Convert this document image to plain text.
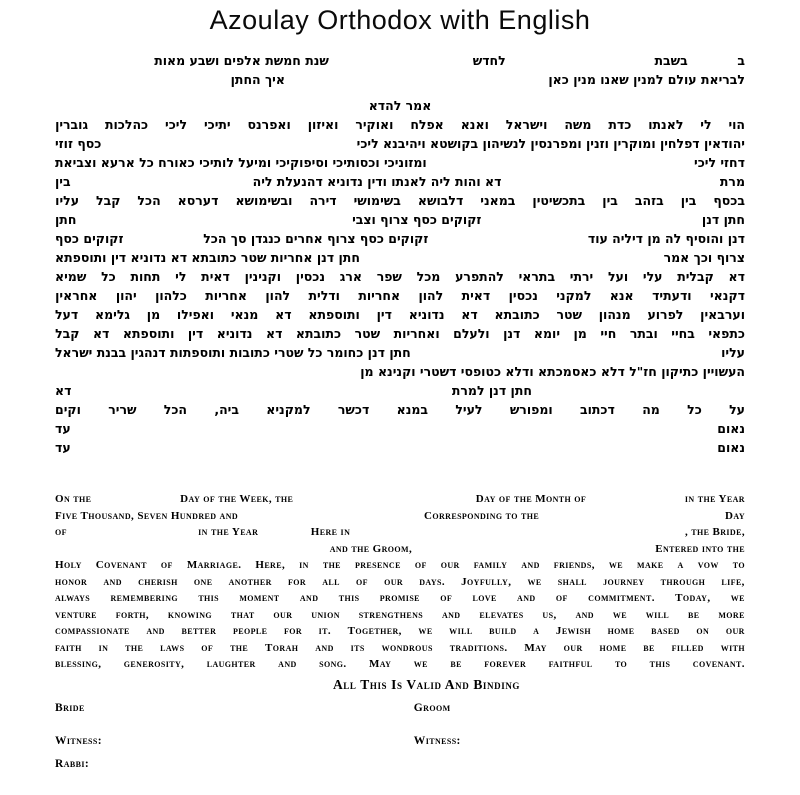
Azoulay Orthodox with English
ב
בשבת
לחדש
שנת חמשת אלפים ושבע מאות
לבריאת עולם למנין שאנו מנין כאן
איך החתן
אמר להדא
הוי
לי
לאנתו
כדת
משה
וישראל
ואנא
אפלח
ואוקיר
ואיזון
ואפרנס
יתיכי
ליכי
כהלכות
גוברין
יהודאין דפלחין ומוקרין וזנין ומפרנסין לנשיהון בקושטא ויהיבנא ליכי
כסף זוזי
דחזי ליכי
ומזוניכי וכסותיכי וסיפוקיכי ומיעל לותיכי כאורח כל ארעא וצביאת
מרת
דא והות ליה לאנתו ודין נדוניא דהנעלת ליה
בין
בכסף
בין
בזהב
בין
בתכשיטין
במאני
דלבושא
בשימושי
דירה
ובשימושא
דערסא
הכל
קבל
עליו
חתן דנן
זקוקים כסף צרוף וצבי
חתן
דנן והוסיף לה מן דיליה עוד
זקוקים כסף צרוף אחרים כנגדן סך הכל
זקוקים כסף
צרוף וכך אמר
חתן דנן אחריות שטר כתובתא דא נדוניא דין ותוספתא
דא
קבלית
עלי
ועל
ירתי
בתראי
להתפרע
מכל
שפר
ארג
נכסין
וקנינין
דאית
לי
תחות
כל
שמיא
דקנאי
ודעתיד
אנא
למקני
נכסין
דאית
להון
אחריות
ודלית
להון
אחריות
כלהון
יהון
אחראין
וערבאין
לפרוע
מנהון
שטר
כתובתא
דא
נדוניא
דין
ותוספתא
דא
מנאי
ואפילו
מן
גלימא
דעל
כתפאי
בחיי
ובתר
חיי
מן
יומא
דנן
ולעלם
ואחריות
שטר
כתובתא
דא
נדוניא
דין
ותוספתא
דא
קבל
עליו
חתן דנן כחומר כל שטרי כתובות ותוספתות דנהגין בבנת ישראל
העשויין כתיקון חז"ל דלא כאסמכתא ודלא כטופסי דשטרי וקנינא מן
חתן דנן למרת
דא
על
כל
מה
דכתוב
ומפורש
לעיל
במנא
דכשר
למקניא
ביה,
הכל
שריר
וקים
נאום
עד
נאום
עד
On the	Day of the Week, the	Day of the Month of	in the Year
Five Thousand, Seven Hundred and	Corresponding to the	Day
of	in the Year	Here in	, the Bride,
and the Groom,	Entered into the
Holy Covenant of Marriage. Here, in the presence of our family and friends, we make a vow to
honor and cherish one another for all of our days. Joyfully, we shall journey through life,
always remembering this moment and this promise of love and of commitment. Today, we
venture forth, knowing that our union strengthens and elevates us, and we will be more
compassionate and better people for it. Together, we will build a Jewish home based on our
faith in the laws of the Torah and its wondrous traditions. May our home be filled with
blessing, generosity, laughter and song. May we be forever faithful to this covenant.
All This Is Valid And Binding
Bride	Groom
Witness:	Witness:
Rabbi:
